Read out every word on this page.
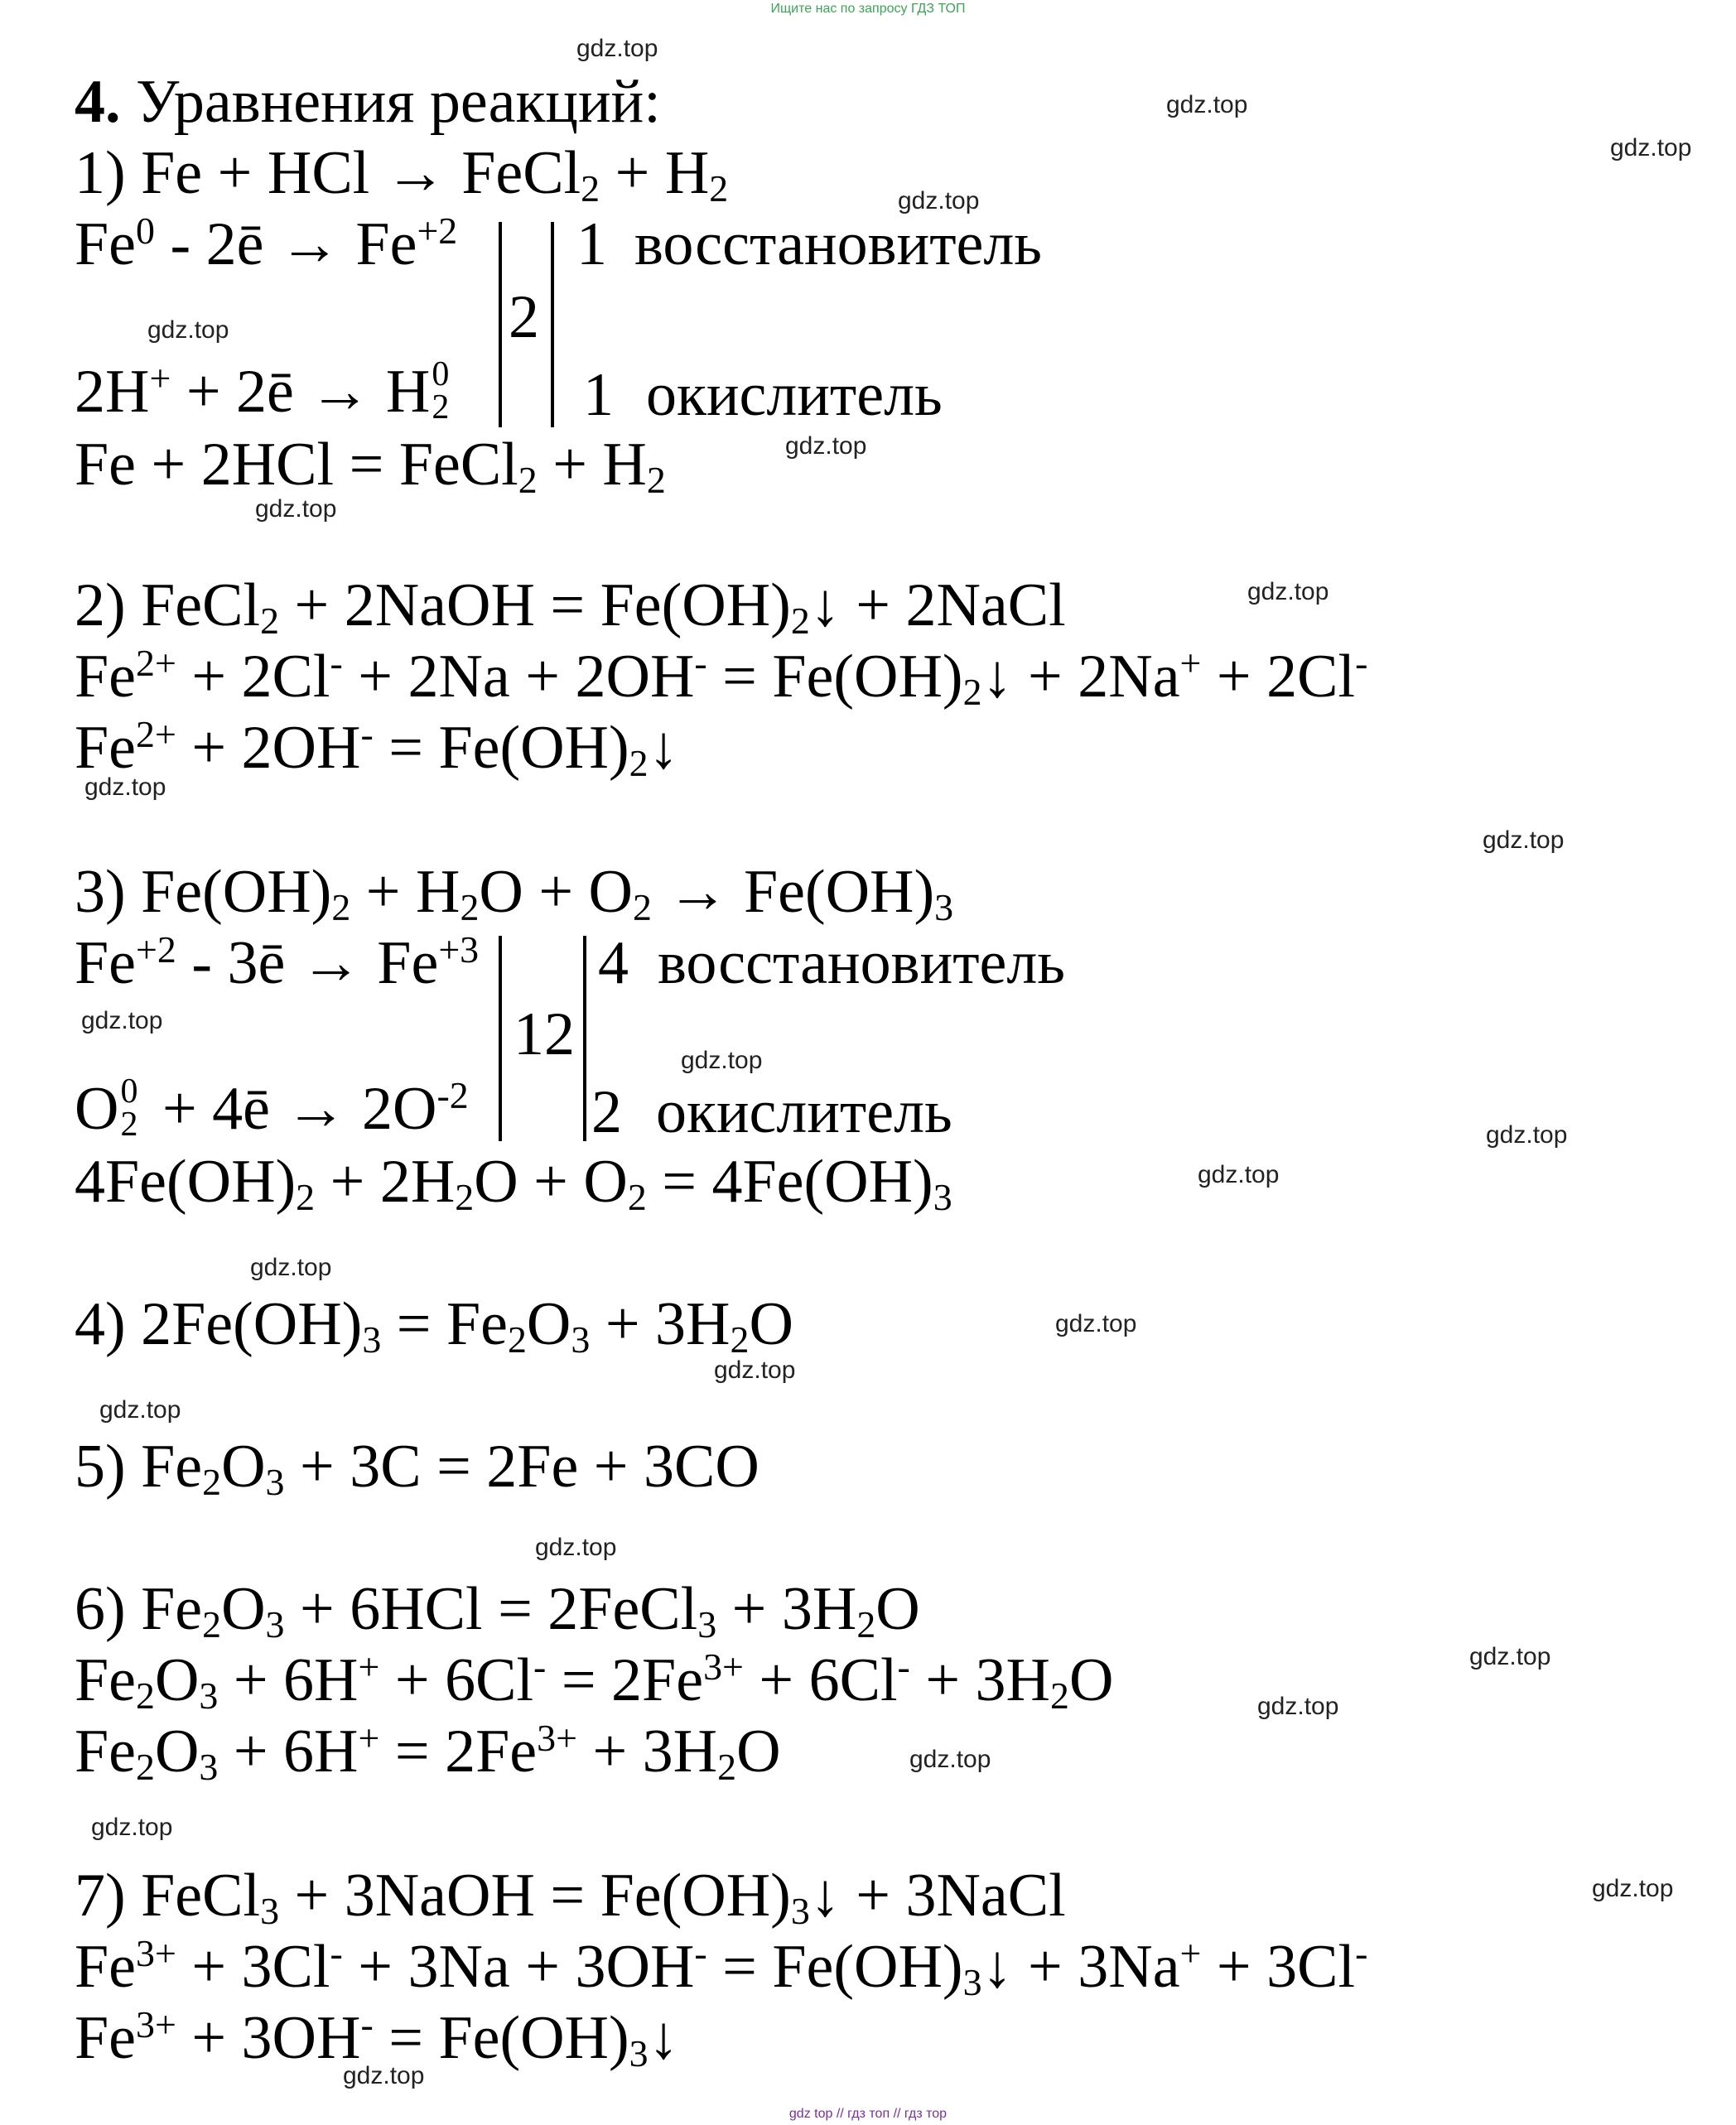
Ищите нас по запросу ГДЗ ТОП
4. Уравнения реакций:
1) Fe + HCl → FeCl$_2$ + $H_2$
Fe$^0$ - 2ē → $Fe^{+2}$ 1 восстановитель
2
2H+ + 2ē → H 0
2 1 окислитель
Fe + 2HCl = FeCl$_2$ + $H_2$
2) FeCl$_2$ + 2NaOH = $Fe(OH)_2↓$ + 2NaCl
$Fe^{2+} + 2Cl^- + 2Na + 2OH^-$ = $Fe(OH)_2↓ + 2Na^+ + 2Cl^-$
$Fe^{2+} + 2OH^-$ = $Fe(OH)_2↓$
3) $Fe(OH)_2 + H_2O + O_2 \to Fe(OH)_3$
$Fe^{+2}$ - 3ē → $Fe^{+3}$ 4 восстановитель
12
O 0
2 + 4ē → $2O^{-2}$ 2 окислитель
$4Fe(OH)_2 + 2H_2O + O_2 = 4Fe(OH)_3$
4) $2Fe(OH)_3 = Fe_2O_3 + 3H_2O$
5) $Fe_2O_3 + 3C = 2Fe + 3CO$
6) $Fe_2O_3 + 6HCl$ = 2FeCl$_3$ + $3H_2O$
$Fe_2O_3 + 6H^+ + 6Cl^- = 2Fe^{3+} + 6Cl^- + 3H_2O$
$Fe_2O_3 + 6H^+ = 2Fe^{3+} + 3H_2O$
7) FeCl$_3$ + 3NaOH = $Fe(OH)_3↓$ + 3NaCl
$Fe^{3+} + 3Cl^- + 3Na + 3OH^-$ = $Fe(OH)_3↓ + 3Na^+ + 3Cl^-$
$Fe^{3+} + 3OH^-$ = $Fe(OH)_3↓$
gdz.top
gdz.top
gdz.top
gdz.top
gdz.top
gdz.top
gdz.top
gdz.top
gdz.top
gdz.top
gdz.top
gdz.top
gdz.top
gdz.top
gdz.top
gdz.top
gdz.top
gdz.top
gdz.top
gdz.top
gdz.top
gdz.top
gdz.top
gdz.top
gdz.top
gdz top // гдз топ // гдз тор
